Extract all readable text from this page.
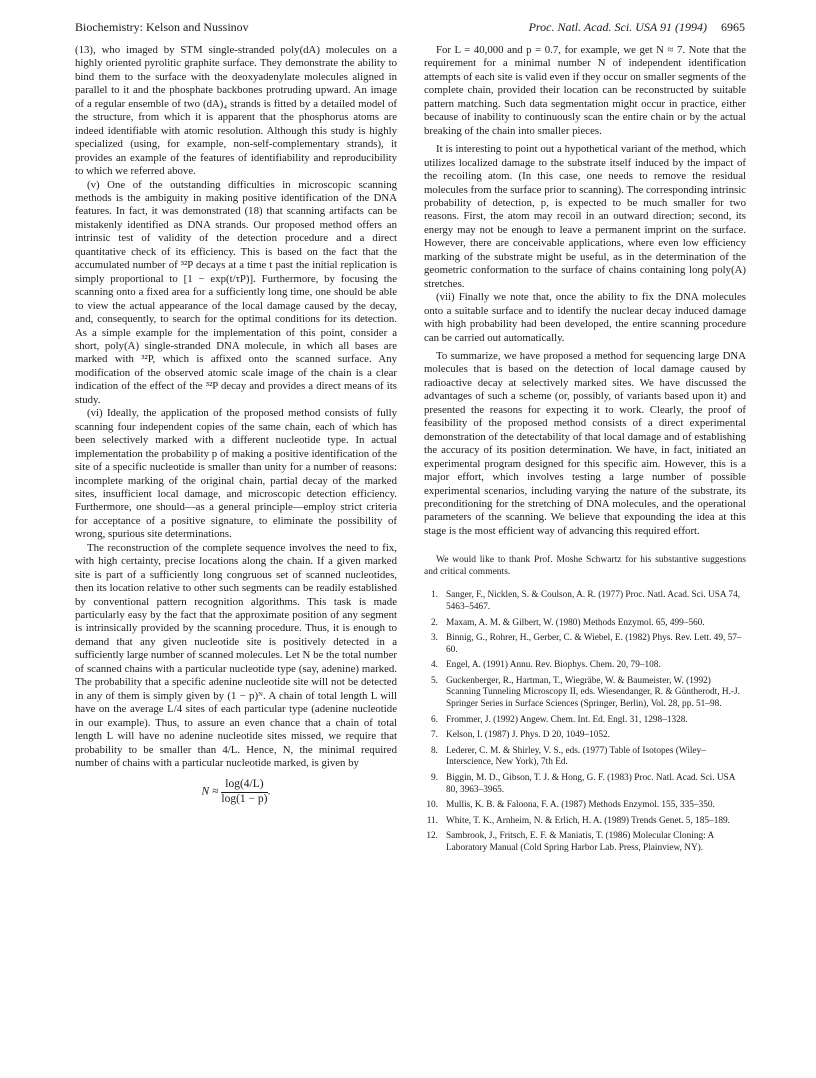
Biochemistry: Kelson and Nussinov	Proc. Natl. Acad. Sci. USA 91 (1994) 6965

(13), who imaged by STM single-stranded poly(dA) molecules on a highly oriented pyrolitic graphite surface. They demonstrate the ability to bind them to the surface with the deoxyadenylate molecules aligned in parallel to it and the phosphate backbones protruding upward. An image of a regular ensemble of two (dA)₄ strands is fitted by a detailed model of the structure, from which it is apparent that the phosphorus atoms are indeed identifiable with atomic resolution. Although this study is highly specialized (using, for example, non-self-complementary strands), it provides an example of the features of identifiability and reproducibility to which we referred above.

(v) One of the outstanding difficulties in microscopic scanning methods is the ambiguity in making positive identification of the DNA features. In fact, it was demonstrated (18) that scanning artifacts can be mistakenly identified as DNA strands. Our proposed method offers an intrinsic test of validity of the detection procedure and a direct quantitative check of its efficiency. This is based on the fact that the accumulated number of ³²P decays at a time t past the initial replication is simply proportional to [1 − exp(t/τP)]. Furthermore, by focusing the scanning onto a fixed area for a sufficiently long time, one should be able to view the actual appearance of the local damage caused by the decay, and, consequently, to search for the optimal conditions for its detection. As a simple example for the implementation of this point, consider a short, poly(A) single-stranded DNA molecule, in which all bases are marked with ³²P, which is affixed onto the scanned surface. Any modification of the observed atomic scale image of the chain is a clear indication of the effect of the ³²P decay and provides a direct means of its study.

(vi) Ideally, the application of the proposed method consists of fully scanning four independent copies of the same chain, each of which has been selectively marked with a different nucleotide type. In actual implementation the probability p of making a positive identification of the site of a specific nucleotide is smaller than unity for a number of reasons: incomplete marking of the original chain, partial decay of the marked sites, insufficient local damage, and microscopic detection efficiency. Furthermore, one should—as a general principle—employ strict criteria for acceptance of a positive signature, to eliminate the possibility of wrong, spurious site determinations.

The reconstruction of the complete sequence involves the need to fix, with high certainty, precise locations along the chain. If a given marked site is part of a sufficiently long congruous set of scanned nucleotides, then its location relative to other such segments can be readily established by conventional pattern recognition algorithms. This task is made particularly easy by the fact that the approximate position of any segment is intrinsically provided by the scanning procedure. Thus, it is enough to demand that any given nucleotide site is positively detected in a sufficiently large number of scanned molecules. Let N be the total number of scanned chains with a particular nucleotide type (say, adenine) marked. The probability that a specific adenine nucleotide site will not be detected in any of them is simply given by (1 − p)ᴺ. A chain of total length L will have on the average L/4 sites of each particular type (adenine nucleotide in our example). Thus, to assure an even chance that a chain of total length L will have no adenine nucleotide sites missed, we require that probability to be smaller than 4/L. Hence, N, the minimal required number of chains with a particular nucleotide marked, is given by

$N \approx \frac{\log(4/L)}{\log(1 - p)}$ .

For L = 40,000 and p = 0.7, for example, we get N ≈ 7. Note that the requirement for a minimal number N of independent identification attempts of each site is valid even if they occur on smaller segments of the complete chain, provided their location can be reconstructed by suitable pattern matching. Such data segmentation might occur in practice, either because of inability to continuously scan the entire chain or by the actual breaking of the chain into smaller pieces.

It is interesting to point out a hypothetical variant of the method, which utilizes localized damage to the substrate itself induced by the impact of the recoiling atom. (In this case, one needs to remove the residual molecules from the surface prior to scanning). The corresponding intrinsic probability of detection, p, is expected to be much smaller for two reasons. First, the atom may recoil in an outward direction; second, its energy may not be enough to leave a permanent imprint on the surface. However, there are conceivable applications, where even low efficiency marking of the substrate might be useful, as in the determination of the geometric conformation to the surface of chains containing long poly(A) stretches.

(vii) Finally we note that, once the ability to fix the DNA molecules onto a suitable surface and to identify the nuclear decay induced damage with high probability had been developed, the entire scanning procedure can be carried out automatically.

To summarize, we have proposed a method for sequencing large DNA molecules that is based on the detection of local damage caused by radioactive decay at selectively marked sites. We have discussed the advantages of such a scheme (or, possibly, of variants based upon it) and presented the reasons for expecting it to work. Clearly, the proof of feasibility of the proposed method consists of a direct experimental demonstration of the detectability of that local damage and of establishing the accuracy of its position determination. We have, in fact, initiated an experimental program designed for this specific aim. However, this is a major effort, which involves testing a large number of possible experimental scenarios, including varying the nature of the substrate, its preconditioning for the stretching of DNA molecules, and the operational parameters of the scanning. We believe that expounding the idea at this stage is the most efficient way of advancing this required effort.

We would like to thank Prof. Moshe Schwartz for his substantive suggestions and critical comments.

1. Sanger, F., Nicklen, S. & Coulson, A. R. (1977) Proc. Natl. Acad. Sci. USA 74, 5463–5467.
2. Maxam, A. M. & Gilbert, W. (1980) Methods Enzymol. 65, 499–560.
3. Binnig, G., Rohrer, H., Gerber, C. & Wiebel, E. (1982) Phys. Rev. Lett. 49, 57–60.
4. Engel, A. (1991) Annu. Rev. Biophys. Chem. 20, 79–108.
5. Guckenberger, R., Hartman, T., Wiegräbe, W. & Baumeister, W. (1992) Scanning Tunneling Microscopy II, eds. Wiesendanger, R. & Güntherodt, H.-J. Springer Series in Surface Sciences (Springer, Berlin), Vol. 28, pp. 51–98.
6. Frommer, J. (1992) Angew. Chem. Int. Ed. Engl. 31, 1298–1328.
7. Kelson, I. (1987) J. Phys. D 20, 1049–1052.
8. Lederer, C. M. & Shirley, V. S., eds. (1977) Table of Isotopes (Wiley–Interscience, New York), 7th Ed.
9. Biggin, M. D., Gibson, T. J. & Hong, G. F. (1983) Proc. Natl. Acad. Sci. USA 80, 3963–3965.
10. Mullis, K. B. & Faloona, F. A. (1987) Methods Enzymol. 155, 335–350.
11. White, T. K., Arnheim, N. & Erlich, H. A. (1989) Trends Genet. 5, 185–189.
12. Sambrook, J., Fritsch, E. F. & Maniatis, T. (1986) Molecular Cloning: A Laboratory Manual (Cold Spring Harbor Lab. Press, Plainview, NY).
